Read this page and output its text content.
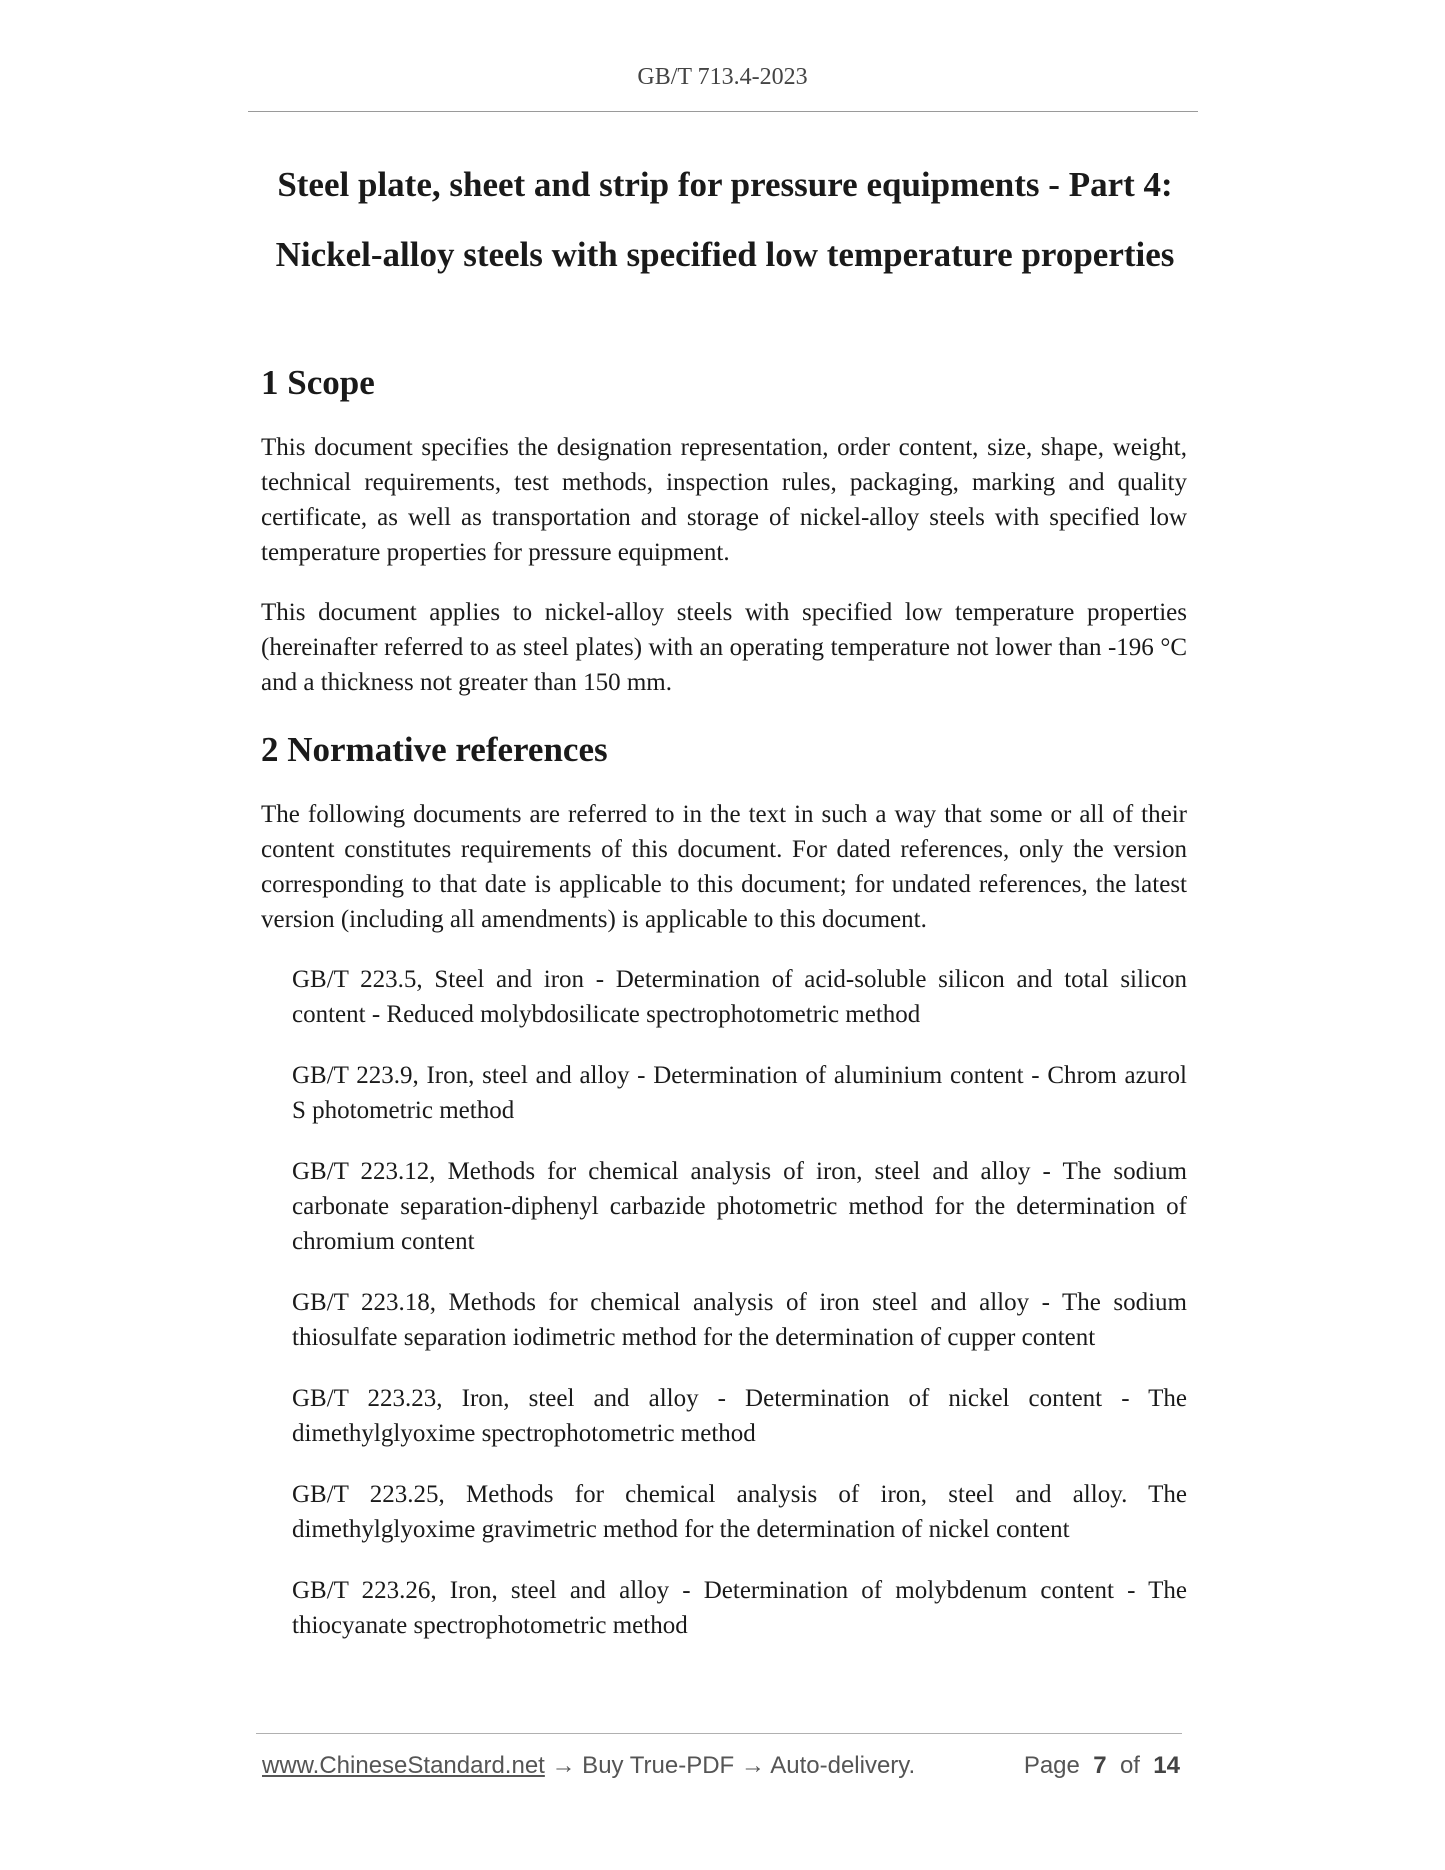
GB/T 713.4-2023
Steel plate, sheet and strip for pressure equipments - Part 4:
Nickel-alloy steels with specified low temperature properties
1 Scope

This document specifies the designation representation, order content, size, shape, weight, technical requirements, test methods, inspection rules, packaging, marking and quality certificate, as well as transportation and storage of nickel-alloy steels with specified low temperature properties for pressure equipment.

This document applies to nickel-alloy steels with specified low temperature properties (hereinafter referred to as steel plates) with an operating temperature not lower than -196 °C and a thickness not greater than 150 mm.

2 Normative references

The following documents are referred to in the text in such a way that some or all of their content constitutes requirements of this document. For dated references, only the version corresponding to that date is applicable to this document; for undated references, the latest version (including all amendments) is applicable to this document.

GB/T 223.5, Steel and iron - Determination of acid-soluble silicon and total silicon content - Reduced molybdosilicate spectrophotometric method
GB/T 223.9, Iron, steel and alloy - Determination of aluminium content - Chrom azurol S photometric method
GB/T 223.12, Methods for chemical analysis of iron, steel and alloy - The sodium carbonate separation-diphenyl carbazide photometric method for the determination of chromium content
GB/T 223.18, Methods for chemical analysis of iron steel and alloy - The sodium thiosulfate separation iodimetric method for the determination of cupper content
GB/T 223.23, Iron, steel and alloy - Determination of nickel content - The dimethylglyoxime spectrophotometric method
GB/T 223.25, Methods for chemical analysis of iron, steel and alloy. The dimethylglyoxime gravimetric method for the determination of nickel content
GB/T 223.26, Iron, steel and alloy - Determination of molybdenum content - The thiocyanate spectrophotometric method
www.ChineseStandard.net → Buy True-PDF → Auto-delivery.	Page 7 of 14
